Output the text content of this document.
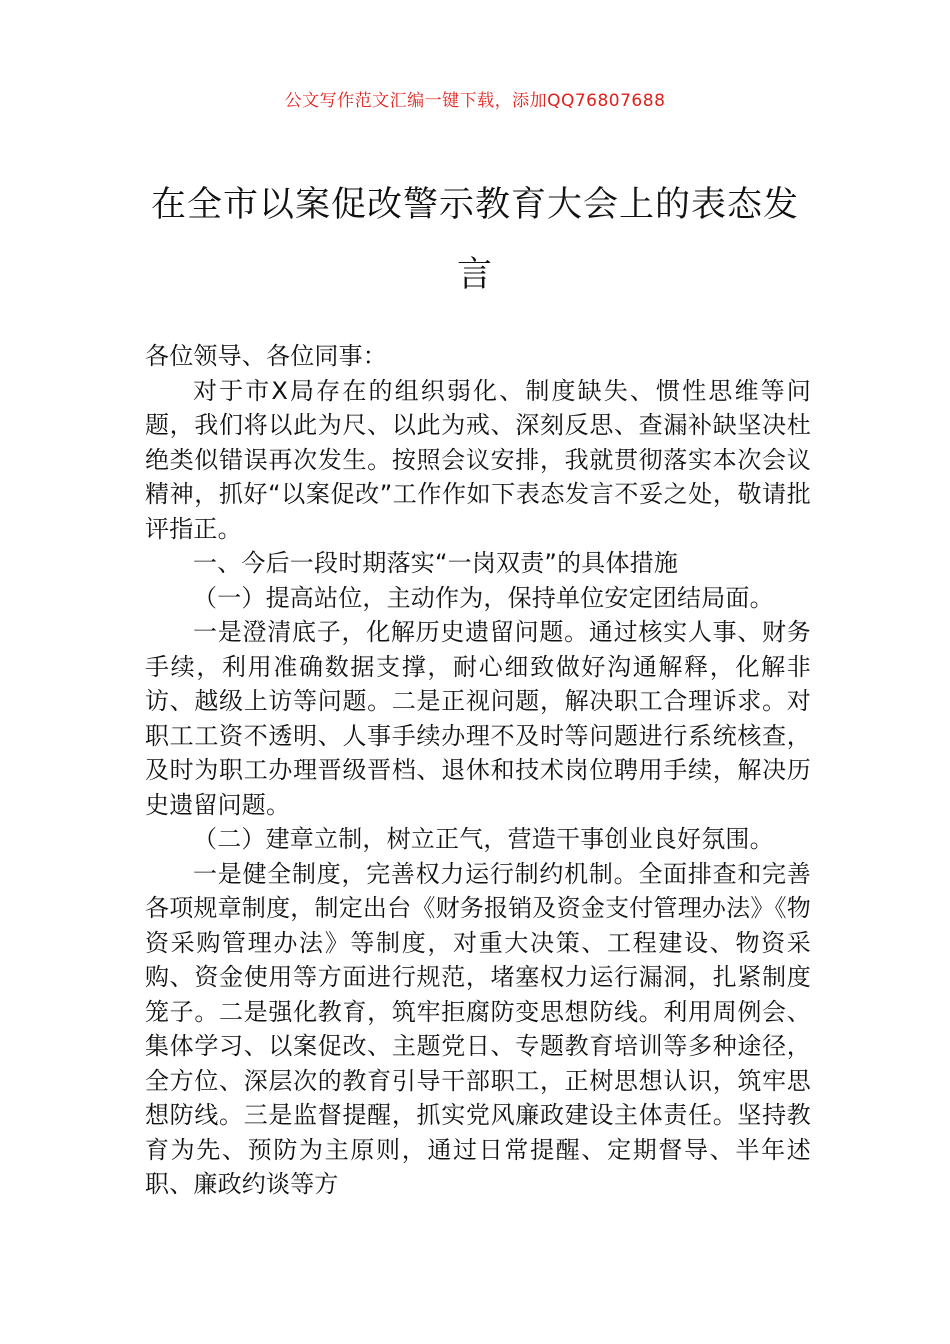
公文写作范文汇编一键下载，添加QQ76807688
在全市以案促改警示教育大会上的表态发言

各位领导、各位同事：

对于市X局存在的组织弱化、制度缺失、惯性思维等问题，我们将以此为尺、以此为戒、深刻反思、查漏补缺坚决杜绝类似错误再次发生。按照会议安排，我就贯彻落实本次会议精神，抓好“以案促改”工作作如下表态发言不妥之处，敬请批评指正。

一、今后一段时期落实“一岗双责”的具体措施

（一）提高站位，主动作为，保持单位安定团结局面。

一是澄清底子，化解历史遗留问题。通过核实人事、财务手续，利用准确数据支撑，耐心细致做好沟通解释，化解非访、越级上访等问题。二是正视问题，解决职工合理诉求。对职工工资不透明、人事手续办理不及时等问题进行系统核查，及时为职工办理晋级晋档、退休和技术岗位聘用手续，解决历史遗留问题。

（二）建章立制，树立正气，营造干事创业良好氛围。

一是健全制度，完善权力运行制约机制。全面排查和完善各项规章制度，制定出台《财务报销及资金支付管理办法》《物资采购管理办法》等制度，对重大决策、工程建设、物资采购、资金使用等方面进行规范，堵塞权力运行漏洞，扎紧制度笼子。二是强化教育，筑牢拒腐防变思想防线。利用周例会、集体学习、以案促改、主题党日、专题教育培训等多种途径，全方位、深层次的教育引导干部职工，正树思想认识，筑牢思想防线。三是监督提醒，抓实党风廉政建设主体责任。坚持教育为先、预防为主原则，通过日常提醒、定期督导、半年述职、廉政约谈等方
